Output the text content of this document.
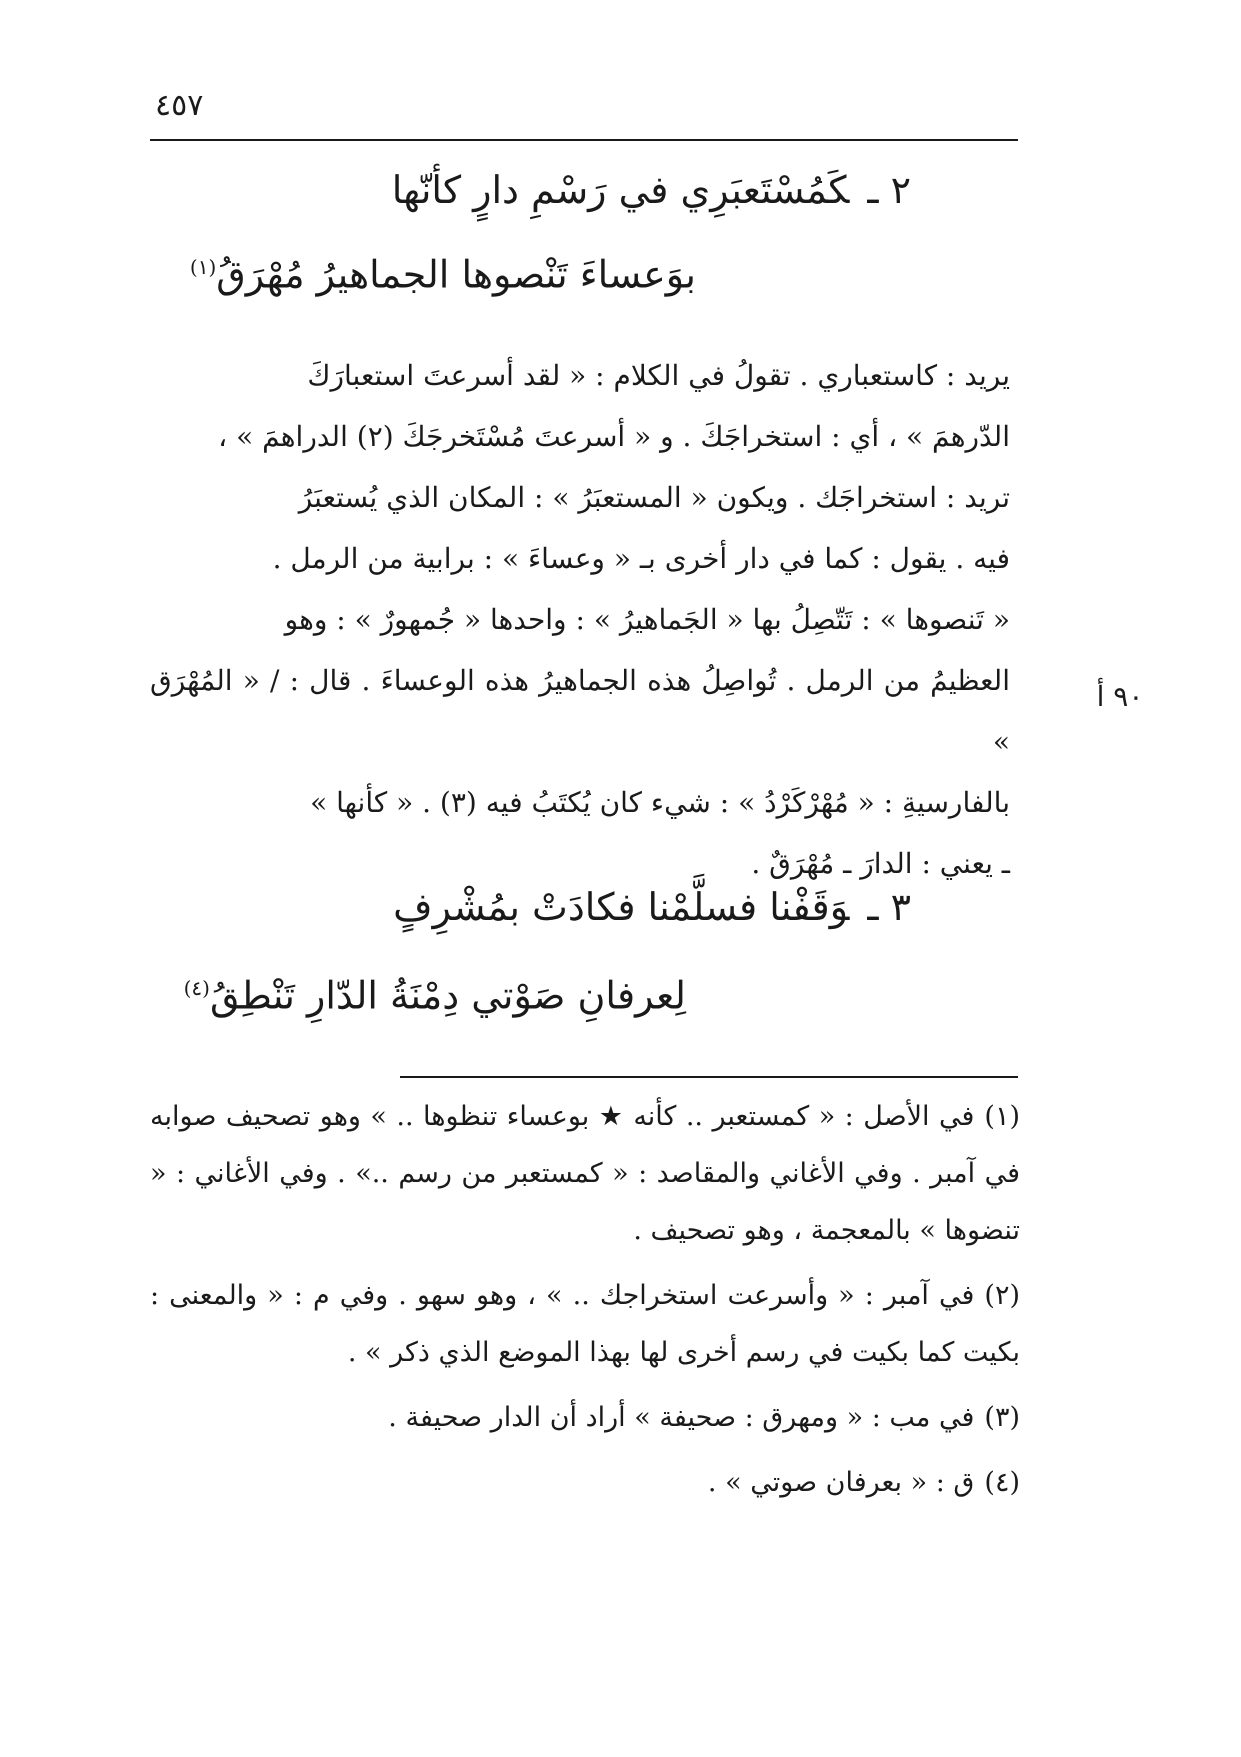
٤٥٧
٢ ـكَمُسْتَعبَرِي في رَسْمِ دارٍ كأنّها
بوَعساءَ تَنْصوها الجماهيرُ مُهْرَقُ$^{(١)}$

يريد : كاستعباري . تقولُ في الكلام : « لقد أسرعتَ استعبارَكَ

الدّرهمَ » ، أي : استخراجَكَ . و « أسرعتَ مُسْتَخرجَكَ (٢) الدراهمَ » ،

تريد : استخراجَك . ويكون « المستعبَرُ » : المكان الذي يُستعبَرُ

فيه . يقول : كما في دار أخرى بـ « وعساءَ » : برابية من الرمل .

« تَنصوها » : تَتّصِلُ بها « الجَماهيرُ » : واحدها « جُمهورٌ » : وهو

العظيمُ من الرمل . تُواصِلُ هذه الجماهيرُ هذه الوعساءَ . قال : / « المُهْرَق »

بالفارسيةِ : « مُهْرْكَرْدُ » : شيء كان يُكتَبُ فيه (٣) . « كأنها »

ـ يعني : الدارَ ـ مُهْرَقٌ .

٩٠ أ
٣ ـوَقَفْنا فسلَّمْنا فكادَتْ بمُشْرِفٍ
لِعرفانِ صَوْتي دِمْنَةُ الدّارِ تَنْطِقُ$^{(٤)}$

(١)في الأصل : « كمستعبر .. كأنه ★ بوعساء تنظوها .. » وهو تصحيف صوابه في آمبر . وفي الأغاني والمقاصد : « كمستعبر من رسم ..» . وفي الأغاني : « تنضوها » بالمعجمة ، وهو تصحيف .

(٢)في آمبر : « وأسرعت استخراجك .. » ، وهو سهو . وفي م : « والمعنى : بكيت كما بكيت في رسم أخرى لها بهذا الموضع الذي ذكر » .

(٣)في مب : « ومهرق : صحيفة » أراد أن الدار صحيفة .

(٤)ق : « بعرفان صوتي » .
